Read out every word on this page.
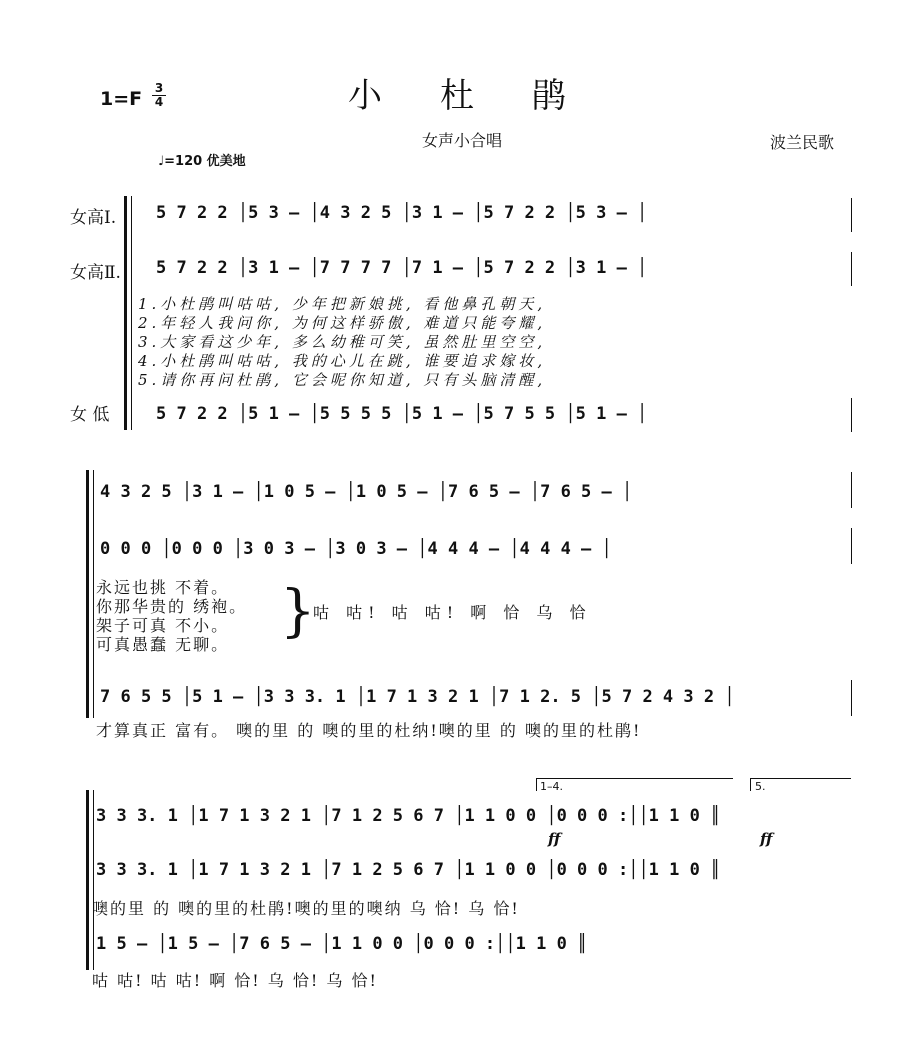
1=F	3
4	小杜鹃
女声小合唱	波兰民歌
♩=120 优美地
女高Ⅰ.
女高Ⅱ.
女 低
5 7 2 2 │5 3 – │4 3 2 5 │3 1 – │5 7 2 2 │5 3 – │
5 7 2 2 │3 1 – │7 7 7 7 │7 1 – │5 7 2 2 │3 1 – │
1.小杜鹃叫咕咕, 少年把新娘挑, 看他鼻孔朝天,
2.年轻人我问你, 为何这样骄傲, 难道只能夸耀,
3.大家看这少年, 多么幼稚可笑, 虽然肚里空空,
4.小杜鹃叫咕咕, 我的心儿在跳, 谁要追求嫁妆,
5.请你再问杜鹃, 它会呢你知道, 只有头脑清醒,
5 7 2 2 │5 1 – │5 5 5 5 │5 1 – │5 7 5 5 │5 1 – │
4 3 2 5 │3 1 – │1 0 5 – │1 0 5 – │7 6 5 – │7 6 5 – │
0 0 0 │0 0 0 │3 0 3 – │3 0 3 – │4 4 4 – │4 4 4 – │
永远也挑 不着。
你那华贵的 绣袍。
架子可真 不小。
可真愚蠢 无聊。
}
咕 咕! 咕 咕! 啊 恰 乌 恰
7 6 5 5 │5 1 – │3 3 3. 1 │1 7 1 3 2 1 │7 1 2. 5 │5 7 2 4 3 2 │
才算真正 富有。 噢的里 的 噢的里的杜纳!噢的里 的 噢的里的杜鹃!
1–4.	5.
3 3 3. 1 │1 7 1 3 2 1 │7 1 2 5 6 7 │1 1 0 0 │0 0 0 :││1 1 0 ║
ff	ff
3 3 3. 1 │1 7 1 3 2 1 │7 1 2 5 6 7 │1 1 0 0 │0 0 0 :││1 1 0 ║
噢的里 的 噢的里的杜鹃!噢的里的噢纳 乌 恰! 乌 恰!
1 5 – │1 5 – │7 6 5 – │1 1 0 0 │0 0 0 :││1 1 0 ║
咕 咕! 咕 咕! 啊 恰! 乌 恰! 乌 恰!
